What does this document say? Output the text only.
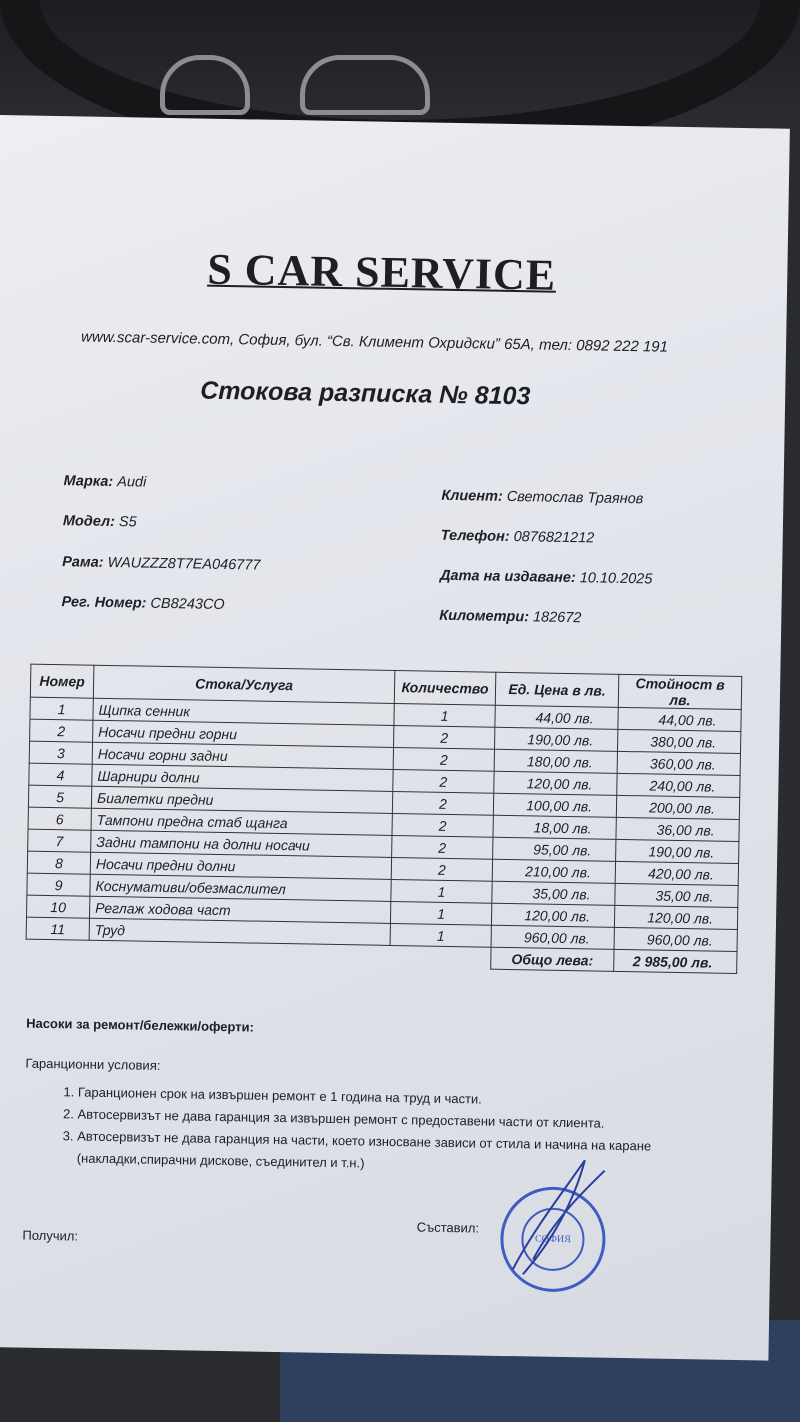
S CAR SERVICE
www.scar-service.com, София, бул. “Св. Климент Охридски” 65А, тел: 0892 222 191
Стокова разписка № 8103
Марка: Audi
Модел: S5
Рама: WAUZZZ8T7EA046777
Рег. Номер: CB8243CO
Клиент: Светослав Траянов
Телефон: 0876821212
Дата на издаване: 10.10.2025
Километри: 182672
Номер	Стока/Услуга	Количество	Ед. Цена в лв.	Стойност в лв.
1	Щипка сенник	1	44,00 лв.	44,00 лв.
2	Носачи предни горни	2	190,00 лв.	380,00 лв.
3	Носачи горни задни	2	180,00 лв.	360,00 лв.
4	Шарнири долни	2	120,00 лв.	240,00 лв.
5	Биалетки предни	2	100,00 лв.	200,00 лв.
6	Тампони предна стаб щанга	2	18,00 лв.	36,00 лв.
7	Задни тампони на долни носачи	2	95,00 лв.	190,00 лв.
8	Носачи предни долни	2	210,00 лв.	420,00 лв.
9	Коснумативи/обезмаслител	1	35,00 лв.	35,00 лв.
10	Реглаж ходова част	1	120,00 лв.	120,00 лв.
11	Труд	1	960,00 лв.	960,00 лв.
			Общо лева:	2 985,00 лв.
Насоки за ремонт/бележки/оферти:
Гаранционни условия:
1. Гаранционен срок на извършен ремонт е 1 година на труд и части.
2. Автосервизът не дава гаранция за извършен ремонт с предоставени части от клиента.
3. Автосервизът не дава гаранция на части, което износване зависи от стила и начина на каране (накладки,спирачни дискове, съединител и т.н.)
Получил:
Съставил:
СОФИЯ
